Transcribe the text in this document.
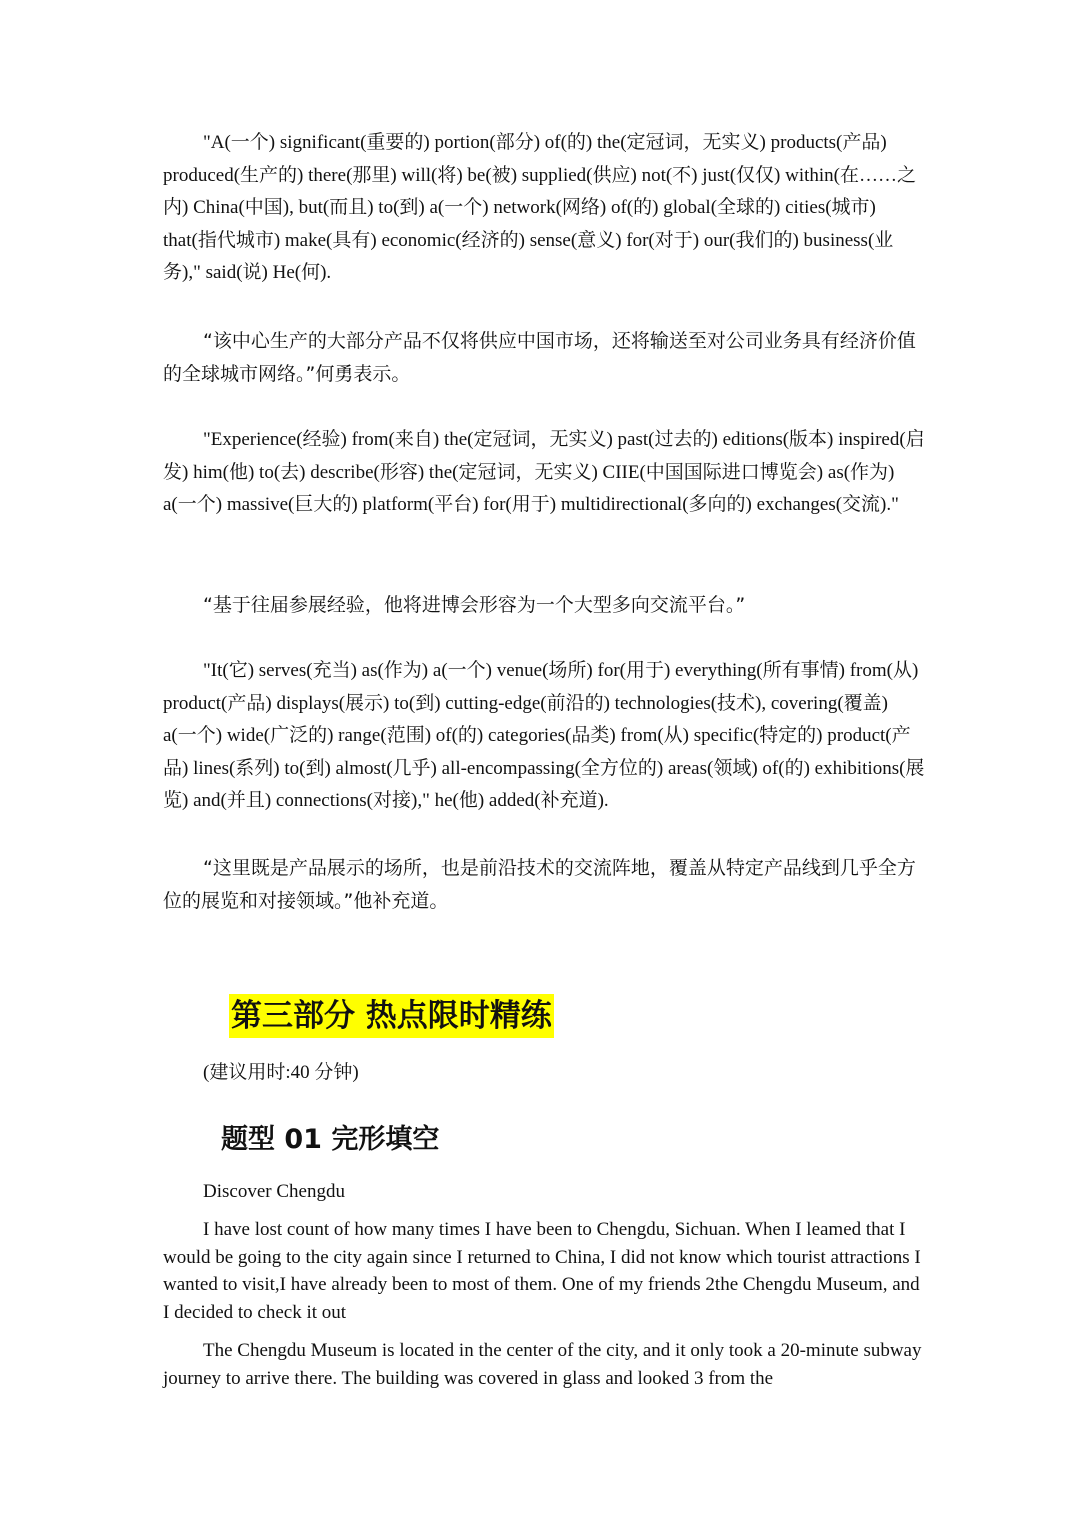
"A(一个) significant(重要的) portion(部分) of(的) the(定冠词，无实义) products(产品) produced(生产的) there(那里) will(将) be(被) supplied(供应) not(不) just(仅仅) within(在……之内) China(中国), but(而且) to(到) a(一个) network(网络) of(的) global(全球的) cities(城市) that(指代城市) make(具有) economic(经济的) sense(意义) for(对于) our(我们的) business(业务)," said(说) He(何).

“该中心生产的大部分产品不仅将供应中国市场，还将输送至对公司业务具有经济价值的全球城市网络。”何勇表示。

"Experience(经验) from(来自) the(定冠词，无实义) past(过去的) editions(版本) inspired(启发) him(他) to(去) describe(形容) the(定冠词，无实义) CIIE(中国国际进口博览会) as(作为) a(一个) massive(巨大的) platform(平台) for(用于) multidirectional(多向的) exchanges(交流)."

“基于往届参展经验，他将进博会形容为一个大型多向交流平台。”

"It(它) serves(充当) as(作为) a(一个) venue(场所) for(用于) everything(所有事情) from(从) product(产品) displays(展示) to(到) cutting-edge(前沿的) technologies(技术), covering(覆盖) a(一个) wide(广泛的) range(范围) of(的) categories(品类) from(从) specific(特定的) product(产品) lines(系列) to(到) almost(几乎) all-encompassing(全方位的) areas(领域) of(的) exhibitions(展览) and(并且) connections(对接)," he(他) added(补充道).

“这里既是产品展示的场所，也是前沿技术的交流阵地，覆盖从特定产品线到几乎全方位的展览和对接领域。”他补充道。

第三部分 热点限时精练

(建议用时:40 分钟)

题型 01 完形填空

Discover Chengdu

I have lost count of how many times I have been to Chengdu, Sichuan. When I leamed that I would be going to the city again since I returned to China, I did not know which tourist attractions I wanted to visit,I have already been to most of them. One of my friends 2the Chengdu Museum, and I decided to check it out

The Chengdu Museum is located in the center of the city, and it only took a 20-minute subway journey to arrive there. The building was covered in glass and looked 3 from the
